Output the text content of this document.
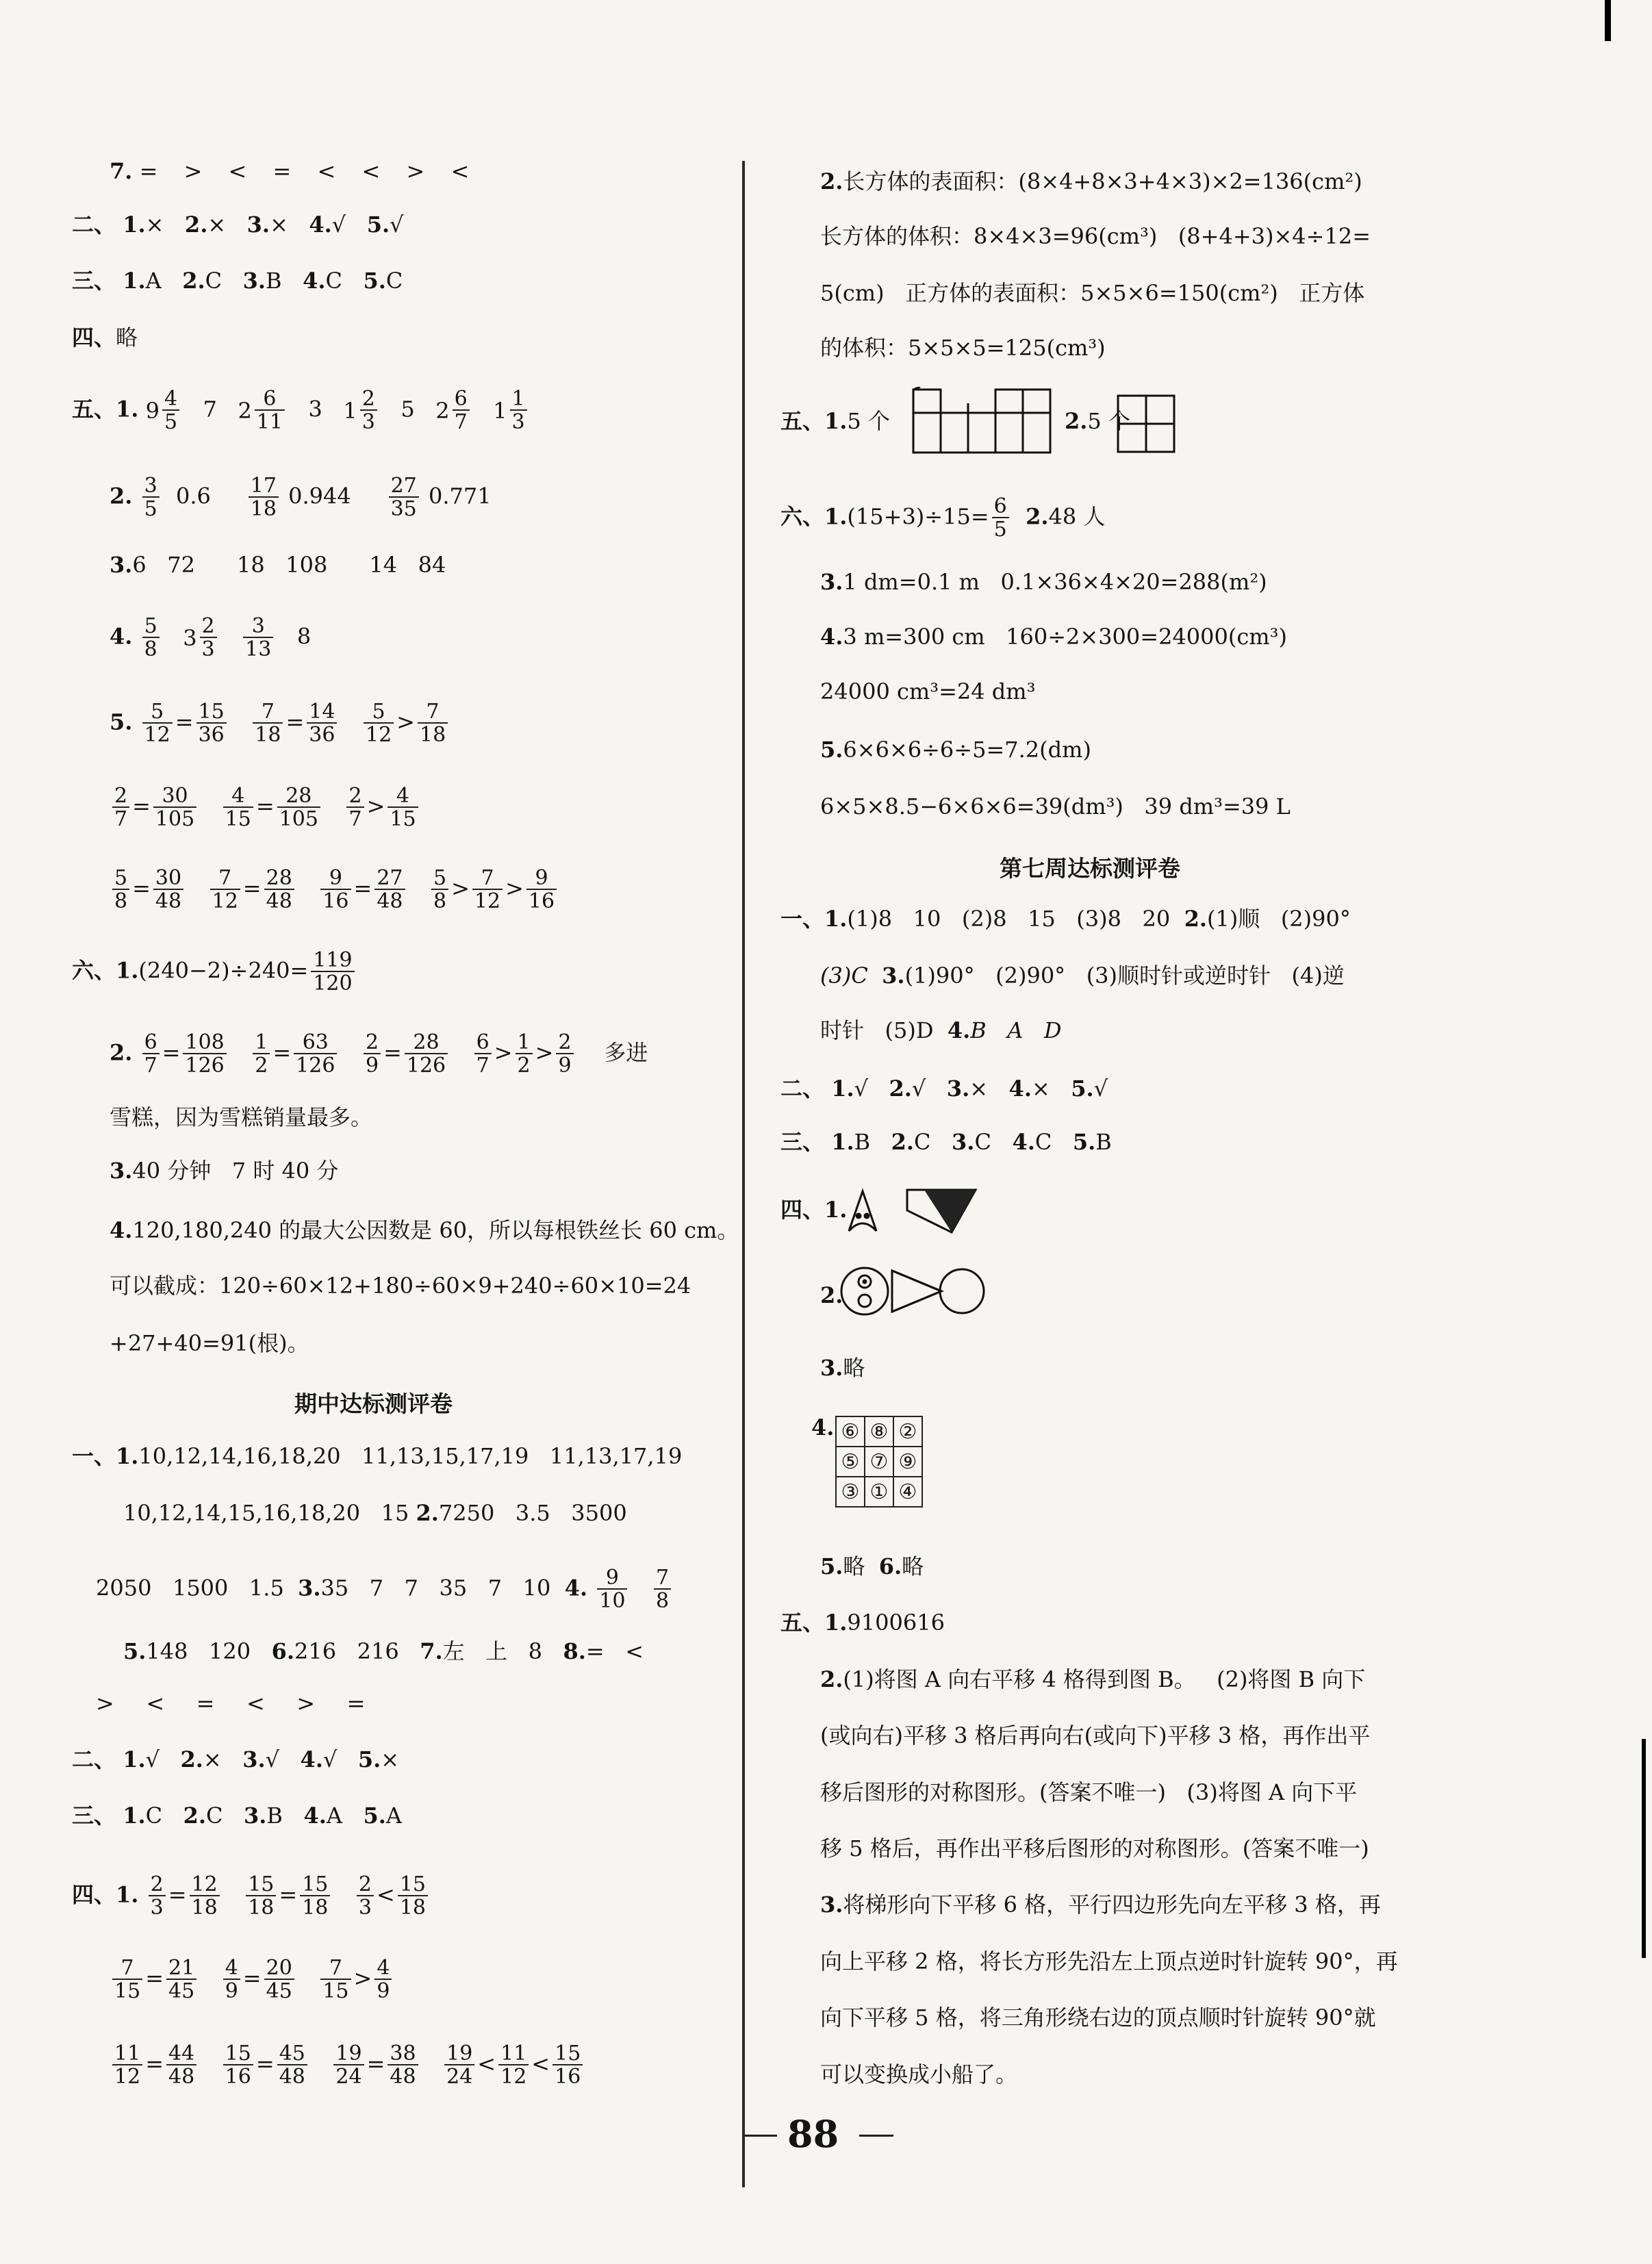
7. = > < = < < > <
二、 1.× 2.× 3.× 4.√ 5.√
三、 1.A 2.C 3.B 4.C 5.C
四、略
五、1. 9 4
5 7 2 6
11 3 1 2
3 5 2 6
7
1 1
3
2. $\frac{3}{5} 0.6 \frac{17}{18} 0.944 \frac{27}{35} 0.771$
3.6   72      18   108      14   84
4. $\frac{5}{8}$
3 2
3
$\frac{3}{13} 8$
5. $\frac{5}{12} = \frac{15}{36}$
$\frac{7}{18} = \frac{14}{36}$
$\frac{5}{12} > \frac{7}{18}$
$\frac{2}{7} = \frac{30}{105}$
$\frac{4}{15} = \frac{28}{105}$
$\frac{2}{7} > \frac{4}{15}$
$\frac{5}{8} = \frac{30}{48}$
$\frac{7}{12} = \frac{28}{48}$
$\frac{9}{16} = \frac{27}{48}$
$\frac{5}{8} > \frac{7}{12} > \frac{9}{16}$
六、$1.(240-2)\div 240= \frac{119}{120}$
2. $\frac{6}{7} = \frac{108}{126}$
$\frac{1}{2} = \frac{63}{126}$
$\frac{2}{9} = \frac{28}{126}$
$\frac{6}{7} > \frac{1}{2} > \frac{2}{9}$ 多进
雪糕，因为雪糕销量最多。
3.40 分钟   7 时 40 分
4.120,180,240 的最大公因数是 60，所以每根铁丝长 60 cm。
可以截成：120÷60×12+180÷60×9+240÷60×10=24
+27+40=91(根)。
期中达标测评卷
一、1.10,12,14,16,18,20   11,13,15,17,19   11,13,17,19
10,12,14,15,16,18,20   15 2.7250   3.5   3500
2050   1500   1.5 3.35   7   7   35   7   10 4. $\frac{9}{10}$
$\frac{7}{8}$
5.148   120 6.216   216 7.左   上   8 8.=   <
>   <   =   <   >   =
二、 1.√ 2.× 3.√ 4.√ 5.×
三、 1.C 2.C 3.B 4.A 5.A
四、1. $\frac{2}{3} = \frac{12}{18}$
$\frac{15}{18} = \frac{15}{18}$
$\frac{2}{3} < \frac{15}{18}$
$\frac{7}{15} = \frac{21}{45}$
$\frac{4}{9} = \frac{20}{45}$
$\frac{7}{15} > \frac{4}{9}$
$\frac{11}{12} = \frac{44}{48}$
$\frac{15}{16} = \frac{45}{48}$
$\frac{19}{24} = \frac{38}{48}$
$\frac{19}{24} < \frac{11}{12} < \frac{15}{16}$
2.长方体的表面积：(8×4+8×3+4×3)×2=136(cm²)
长方体的体积：8×4×3=96(cm³)   (8+4+3)×4÷12=
5(cm)   正方体的表面积：5×5×6=150(cm²)   正方体
的体积：5×5×5=125(cm³)
五、1.5 个	2.5 个
六、$1.(15+3)\div 15= \frac{6}{5} 2.48$ 人
3.1 dm=0.1 m   0.1×36×4×20=288(m²)
4.3 m=300 cm   160÷2×300=24000(cm³)
24000 cm³=24 dm³
5.6×6×6÷6÷5=7.2(dm)
6×5×8.5−6×6×6=39(dm³)   39 dm³=39 L
第七周达标测评卷
一、1.(1)8   10   (2)8   15   (3)8   20 2.(1)顺   (2)90°
(3)C 3.(1)90°   (2)90°   (3)顺时针或逆时针   (4)逆
时针   (5)D 4.B   A   D
二、 1.√ 2.√ 3.× 4.× 5.√
三、 1.B 2.C 3.C 4.C 5.B
四、1.
2.
3.略
4. ⑥	⑧	②
⑤	⑦	⑨
③	①	④
5.略 6.略
五、1.9100616
2.(1)将图 A 向右平移 4 格得到图 B。   (2)将图 B 向下
(或向右)平移 3 格后再向右(或向下)平移 3 格，再作出平
移后图形的对称图形。(答案不唯一)   (3)将图 A 向下平
移 5 格后，再作出平移后图形的对称图形。(答案不唯一)
3.将梯形向下平移 6 格，平行四边形先向左平移 3 格，再
向上平移 2 格，将长方形先沿左上顶点逆时针旋转 90°，再
向下平移 5 格，将三角形绕右边的顶点顺时针旋转 90°就
可以变换成小船了。
88
